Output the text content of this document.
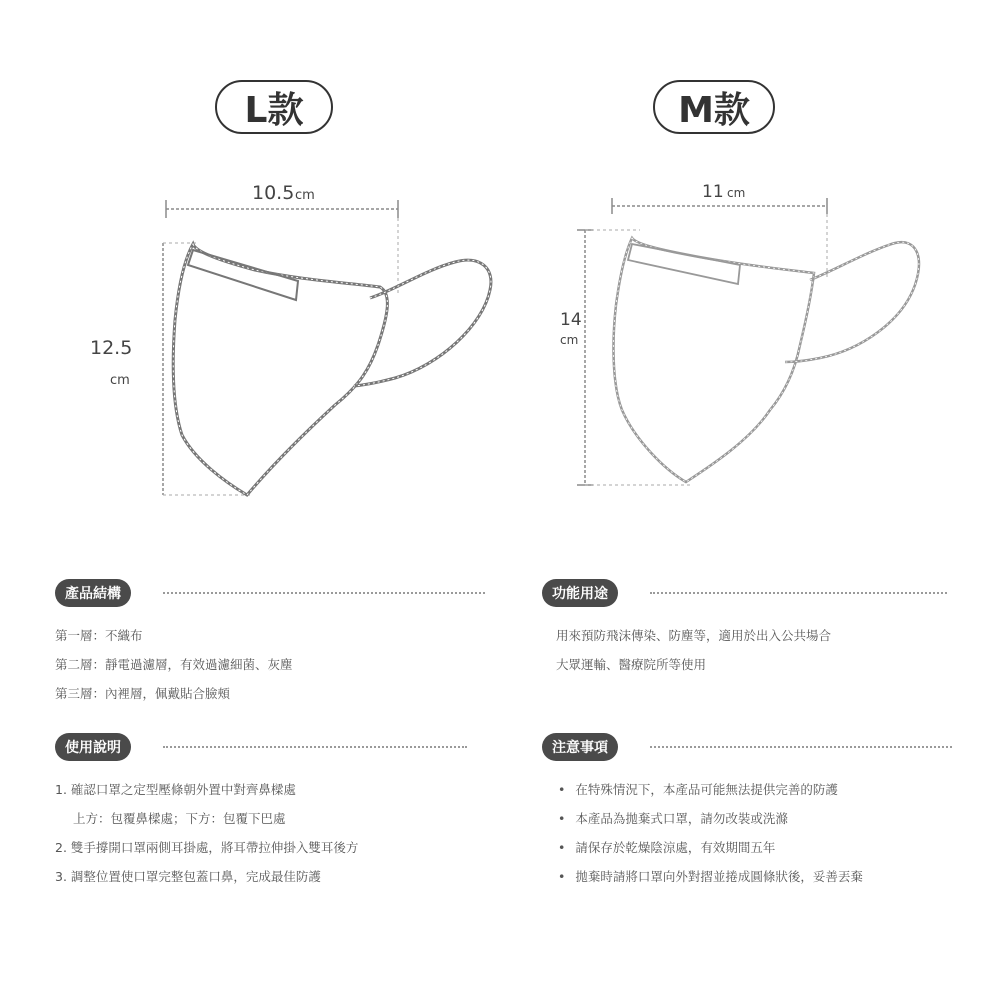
L款	M款
10.5 cm
12.5
cm
11 cm
14
cm
產品結構
第一層：不織布
第二層：靜電過濾層，有效過濾細菌、灰塵
第三層：內裡層，佩戴貼合臉頰
功能用途
用來預防飛沫傳染、防塵等，適用於出入公共場合
大眾運輸、醫療院所等使用
使用說明
1. 確認口罩之定型壓條朝外置中對齊鼻樑處
上方：包覆鼻樑處；下方：包覆下巴處
2. 雙手撐開口罩兩側耳掛處，將耳帶拉伸掛入雙耳後方
3. 調整位置使口罩完整包蓋口鼻，完成最佳防護
注意事項
• 在特殊情況下，本產品可能無法提供完善的防護
• 本產品為拋棄式口罩，請勿改裝或洗滌
• 請保存於乾燥陰涼處，有效期間五年
• 拋棄時請將口罩向外對摺並捲成圓條狀後，妥善丟棄
